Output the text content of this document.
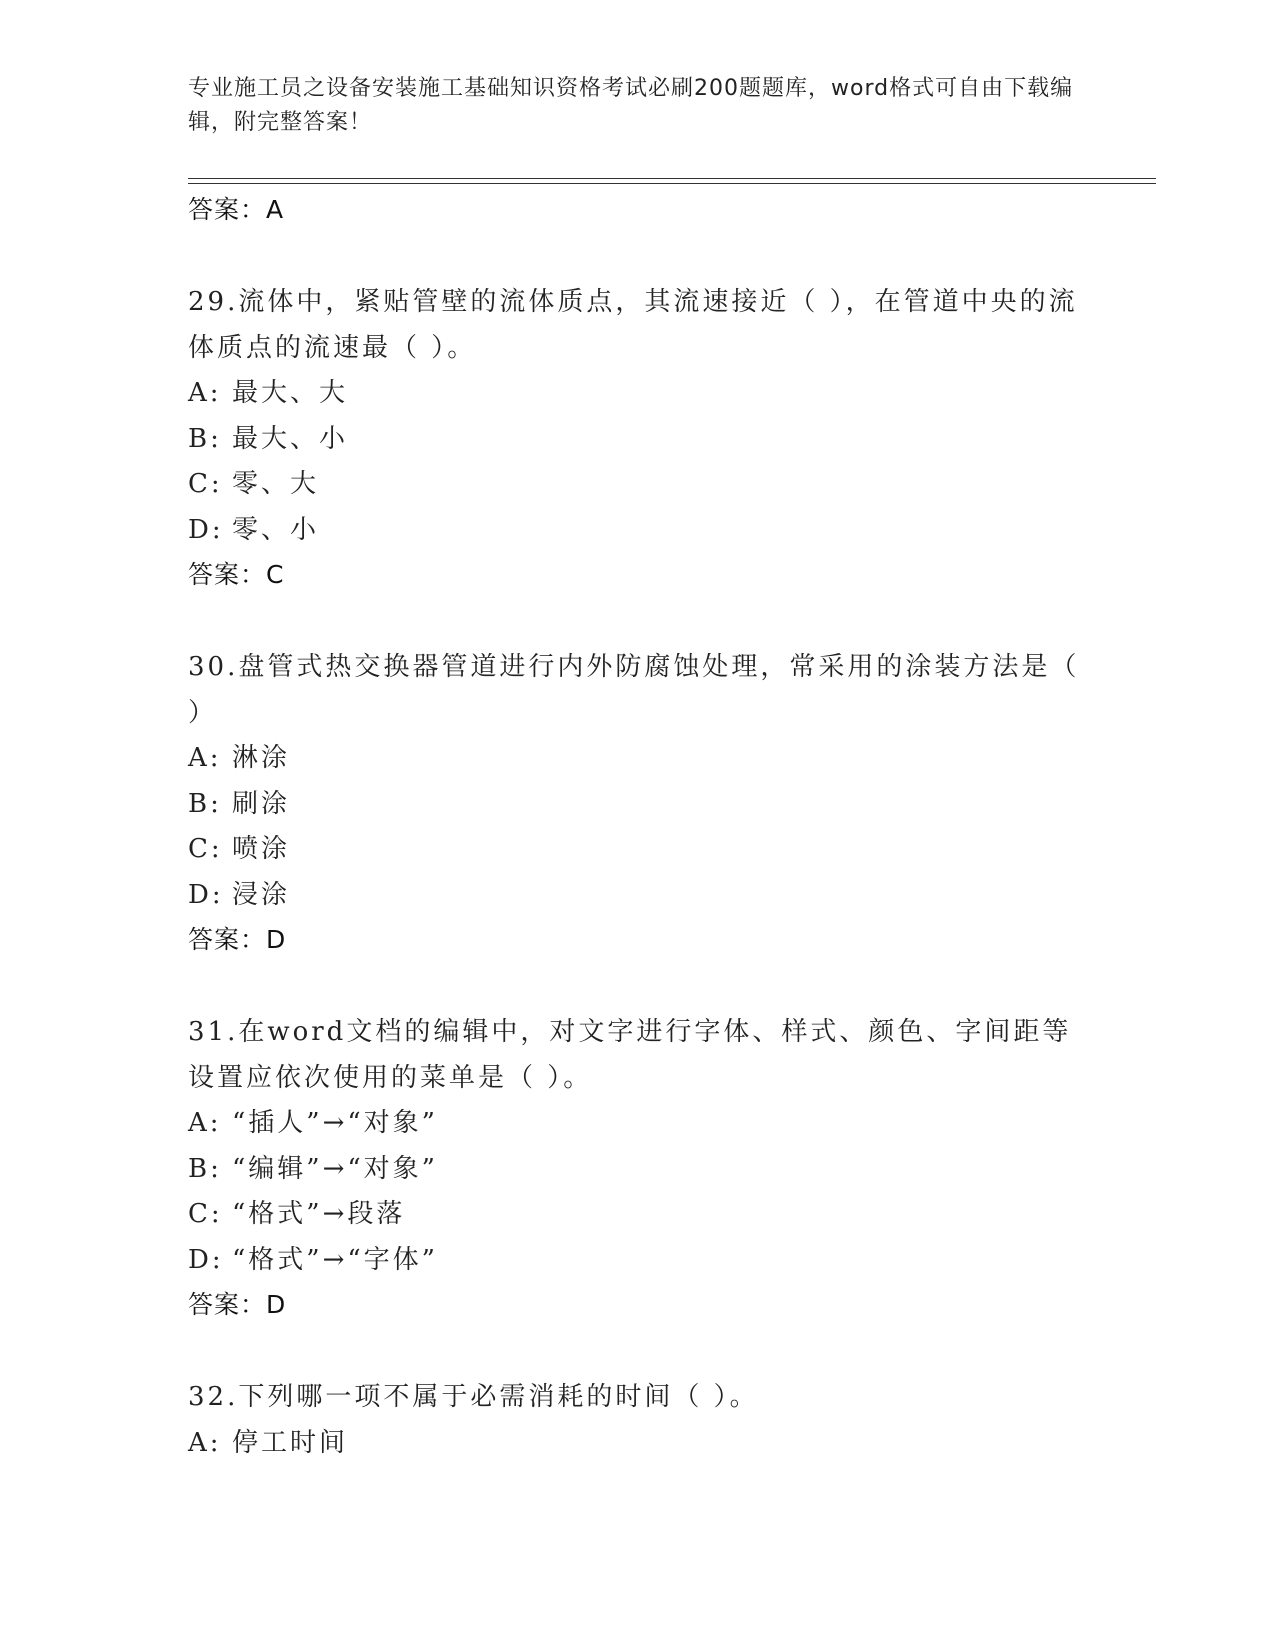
专业施工员之设备安装施工基础知识资格考试必刷200题题库，word格式可自由下载编辑，附完整答案！
答案：A

29.流体中，紧贴管壁的流体质点，其流速接近（ ），在管道中央的流体质点的流速最（ ）。

A: 最大、大
B: 最大、小
C: 零、大
D: 零、小
答案：C

30.盘管式热交换器管道进行内外防腐蚀处理，常采用的涂装方法是（ ）

A: 淋涂
B: 刷涂
C: 喷涂
D: 浸涂
答案：D

31.在word文档的编辑中，对文字进行字体、样式、颜色、字间距等设置应依次使用的菜单是（ ）。

A: “插人”→“对象”
B: “编辑”→“对象”
C: “格式”→段落
D: “格式”→“字体”
答案：D

32.下列哪一项不属于必需消耗的时间（ ）。

A: 停工时间
